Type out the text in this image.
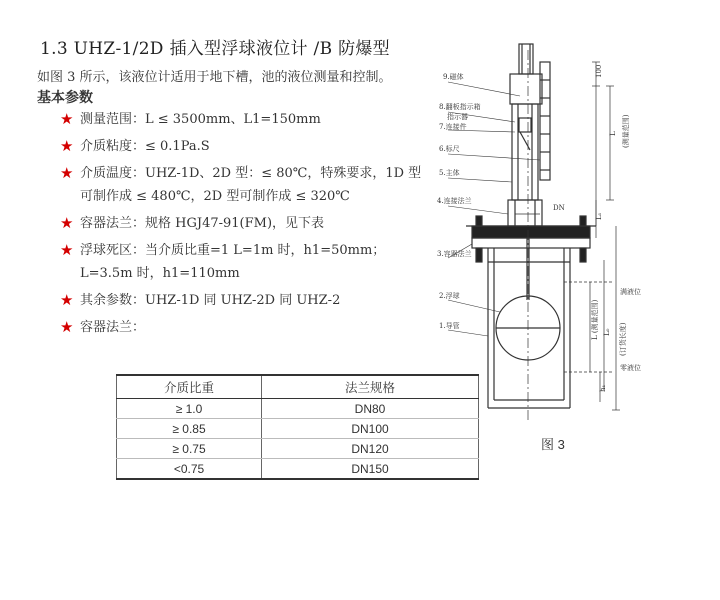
1.3 UHZ-1/2D 插入型浮球液位计 /B 防爆型
如图 3 所示，该液位计适用于地下槽，池的液位测量和控制。
基本参数
★ 测量范围：L ≤ 3500mm、L1=150mm
★ 介质粘度：≤ 0.1Pa.S
★ 介质温度：UHZ-1D、2D 型：≤ 80℃，特殊要求，1D 型
可制作成 ≤ 480℃，2D 型可制作成 ≤ 320℃
★ 容器法兰：规格 HGJ47-91(FM)，见下表
★ 浮球死区：当介质比重=1 L=1m 时，h1=50mm；
L=3.5m 时，h1=110mm
★ 其余参数：UHZ-1D 同 UHZ-2D 同 UHZ-2
★ 容器法兰：
介质比重	法兰规格
≥ 1.0	DN80
≥ 0.85	DN100
≥ 0.75	DN120
<0.75	DN150
9.磁体
8.翻板指示箱
指示器
7.连接件
6.标尺
5.主体
4.连接法兰
3.容器法兰
2.浮球
1.导管
DN
满液位
零液位
100
L (测量范围)
L₁
L (测量范围) L₀ (订货长度)
h₁
图 3
